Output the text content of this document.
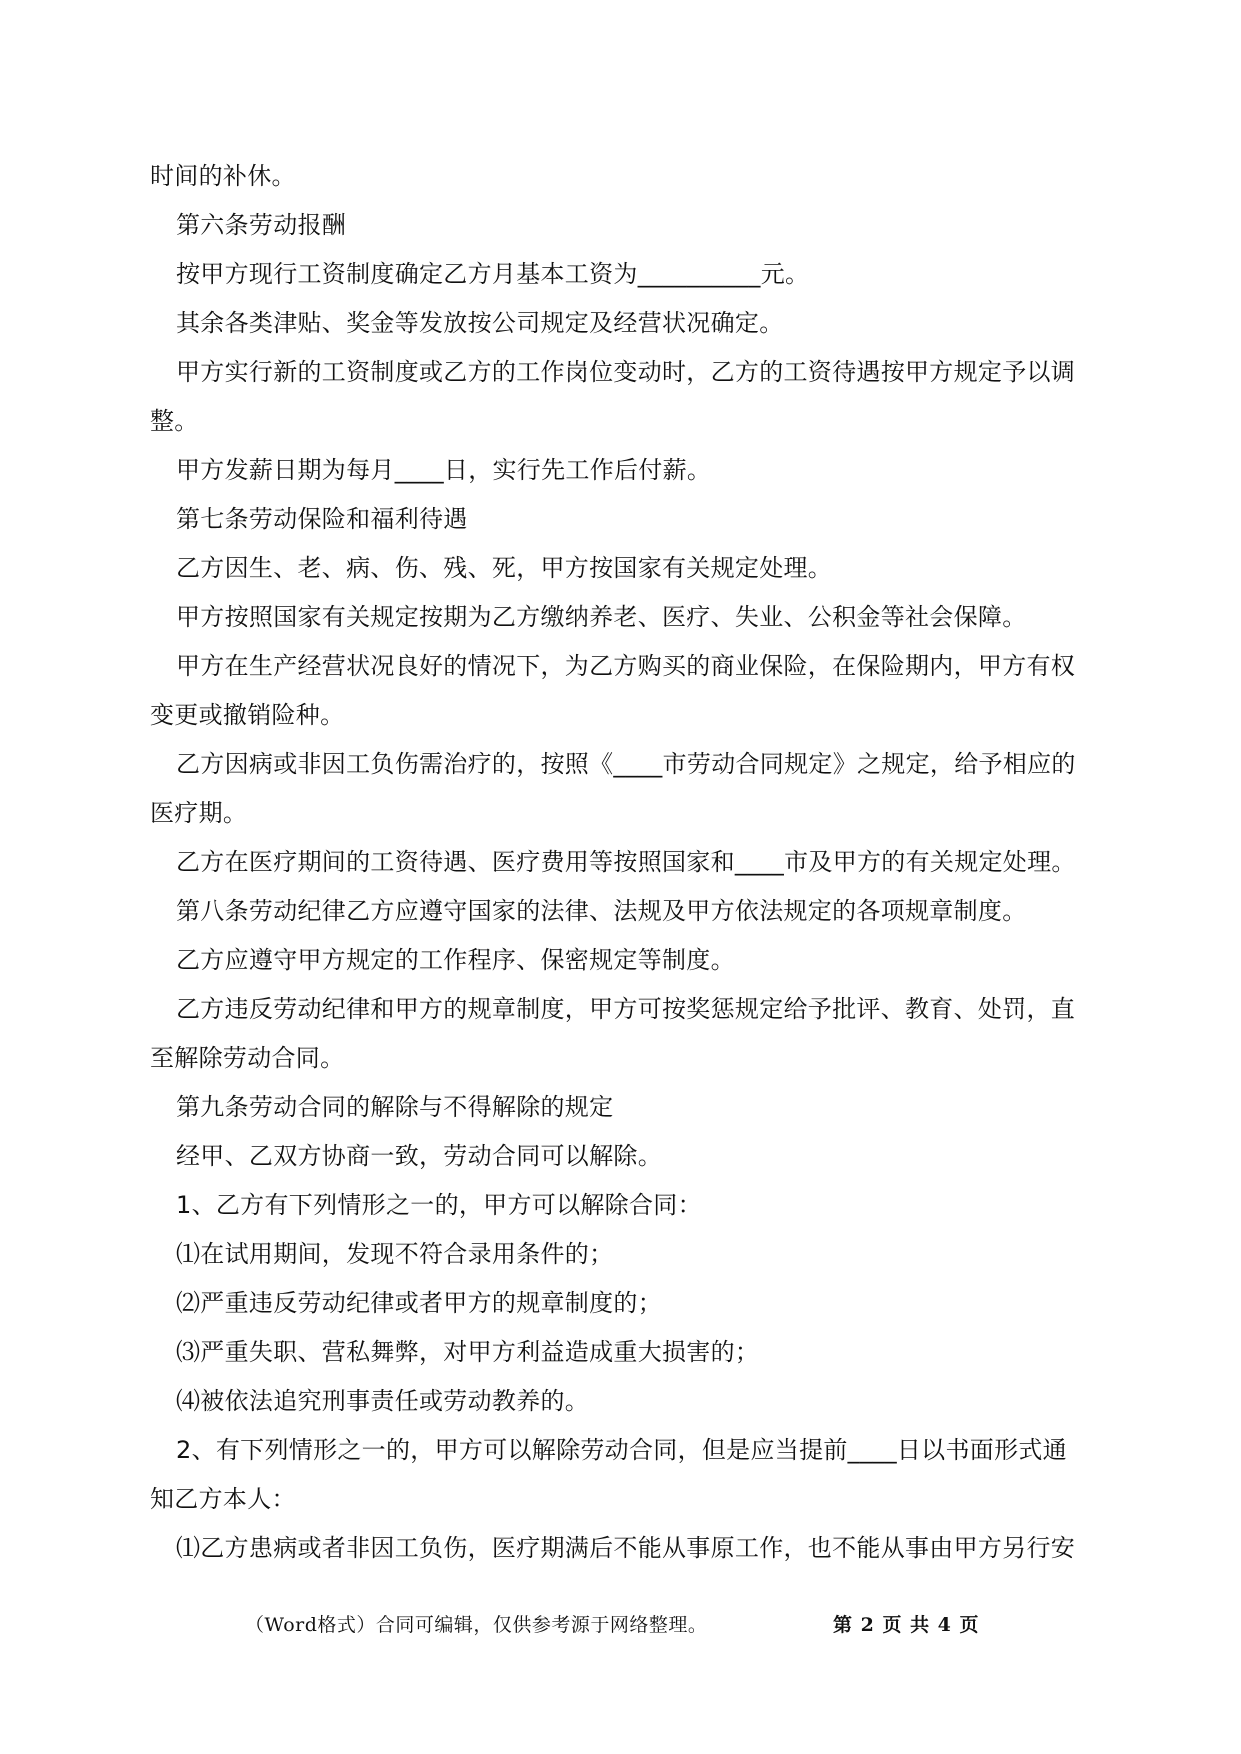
时间的补休。

第六条劳动报酬

按甲方现行工资制度确定乙方月基本工资为__________元。

其余各类津贴、奖金等发放按公司规定及经营状况确定。

甲方实行新的工资制度或乙方的工作岗位变动时，乙方的工资待遇按甲方规定予以调整。

甲方发薪日期为每月____日，实行先工作后付薪。

第七条劳动保险和福利待遇

乙方因生、老、病、伤、残、死，甲方按国家有关规定处理。

甲方按照国家有关规定按期为乙方缴纳养老、医疗、失业、公积金等社会保障。

甲方在生产经营状况良好的情况下，为乙方购买的商业保险，在保险期内，甲方有权变更或撤销险种。

乙方因病或非因工负伤需治疗的，按照《____市劳动合同规定》之规定，给予相应的医疗期。

乙方在医疗期间的工资待遇、医疗费用等按照国家和____市及甲方的有关规定处理。

第八条劳动纪律乙方应遵守国家的法律、法规及甲方依法规定的各项规章制度。

乙方应遵守甲方规定的工作程序、保密规定等制度。

乙方违反劳动纪律和甲方的规章制度，甲方可按奖惩规定给予批评、教育、处罚，直至解除劳动合同。

第九条劳动合同的解除与不得解除的规定

经甲、乙双方协商一致，劳动合同可以解除。

1、乙方有下列情形之一的，甲方可以解除合同：

⑴在试用期间，发现不符合录用条件的；

⑵严重违反劳动纪律或者甲方的规章制度的；

⑶严重失职、营私舞弊，对甲方利益造成重大损害的；

⑷被依法追究刑事责任或劳动教养的。

2、有下列情形之一的，甲方可以解除劳动合同，但是应当提前____日以书面形式通知乙方本人：

⑴乙方患病或者非因工负伤，医疗期满后不能从事原工作，也不能从事由甲方另行安

（Word格式）合同可编辑，仅供参考源于网络整理。	第 2 页 共 4 页
